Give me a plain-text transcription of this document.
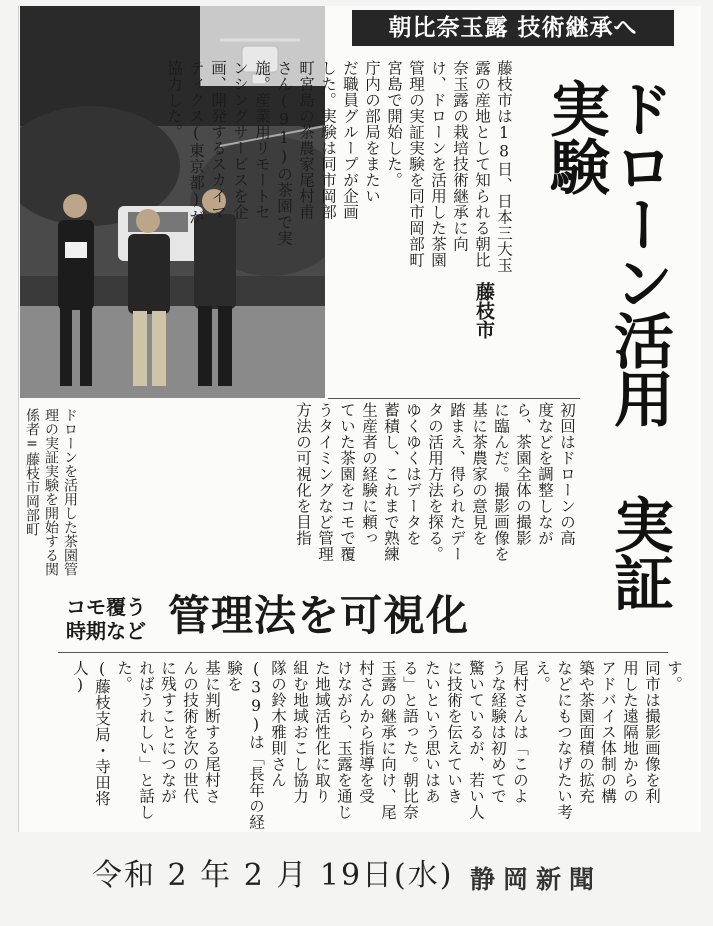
朝比奈玉露 技術継承へ
ドローン活用 実証実験
藤枝市は18日、日本三大玉
露の産地として知られる朝比
奈玉露の栽培技術継承に向
け、ドローンを活用した茶園
管理の実証実験を同市岡部町
宮島で開始した。
庁内の部局をまたい
だ職員グループが企画
した。実験は同市岡部
町宮島の茶農家尾村甫
さん(91)の茶園で実
施。産業用リモートセ
ンシングサービスを企
画、開発するスカイマ
ティクス(東京都)が
協力した。
藤枝市
初回はドローンの高
度などを調整しなが
ら、茶園全体の撮影
に臨んだ。撮影画像を
基に茶農家の意見を
踏まえ、得られたデー
タの活用方法を探る。
ゆくゆくはデータを
蓄積し、これまで熟練
生産者の経験に頼っ
ていた茶園をコモで覆
うタイミングなど管理
方法の可視化を目指
ドローンを活用した茶園管
理の実証実験を開始する関
係者=藤枝市岡部町
コモ覆う
時期など 管理法を可視化
す。
同市は撮影画像を利
用した遠隔地からの
アドバイス体制の構
築や茶園面積の拡充
などにもつなげたい考
え。
尾村さんは「このよ
うな経験は初めてで
驚いているが、若い人
に技術を伝えていき
たいという思いはあ
る」と語った。朝比奈
玉露の継承に向け、尾
村さんから指導を受
けながら、玉露を通じ
た地域活性化に取り
組む地域おこし協力
隊の鈴木雅則さん
(39)は「長年の経験を
基に判断する尾村さ
んの技術を次の世代
に残すことにつなが
ればうれしい」と話し
た。
(藤枝支局・寺田将人)
令和 2 年 2 月 19日(水) 静岡新聞
